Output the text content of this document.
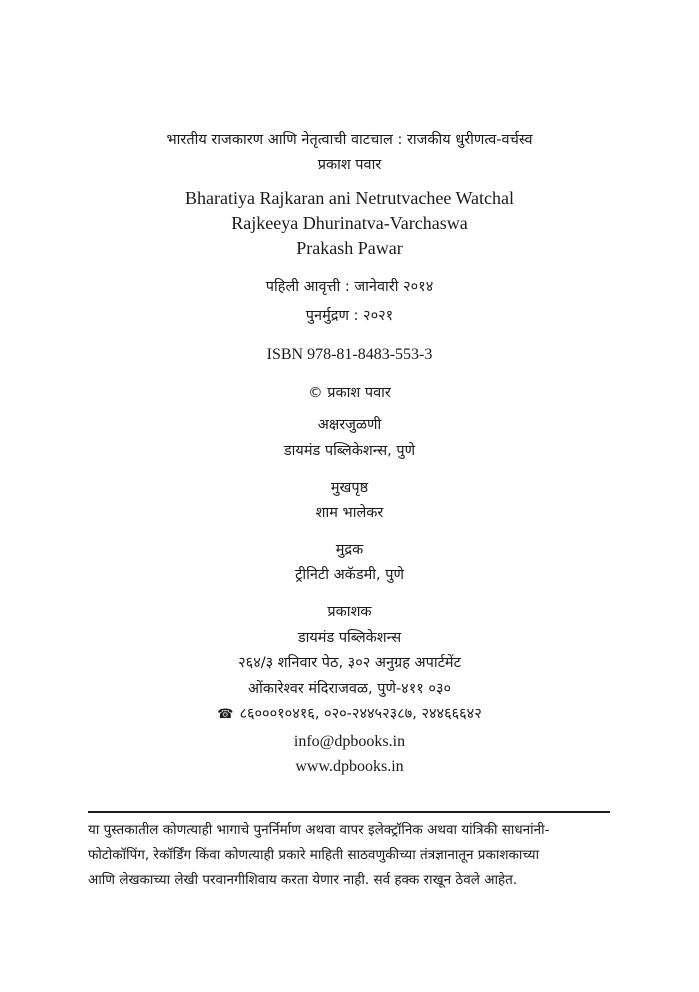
भारतीय राजकारण आणि नेतृत्वाची वाटचाल : राजकीय धुरीणत्व-वर्चस्व
प्रकाश पवार
Bharatiya Rajkaran ani Netrutvachee Watchal
Rajkeeya Dhurinatva-Varchaswa
Prakash Pawar
पहिली आवृत्ती : जानेवारी २०१४
पुनर्मुद्रण : २०२१
ISBN 978-81-8483-553-3
© प्रकाश पवार
अक्षरजुळणी
डायमंड पब्लिकेशन्स, पुणे
मुखपृष्ठ
शाम भालेकर
मुद्रक
ट्रीनिटी अकॅडमी, पुणे
प्रकाशक
डायमंड पब्लिकेशन्स
२६४/३ शनिवार पेठ, ३०२ अनुग्रह अपार्टमेंट
ओंकारेश्वर मंदिराजवळ, पुणे-४११ ०३०
☎ ८६०००१०४१६, ०२०-२४४५२३८७, २४४६६६४२
info@dpbooks.in
www.dpbooks.in
या पुस्तकातील कोणत्याही भागाचे पुनर्निर्माण अथवा वापर इलेक्ट्रॉनिक अथवा यांत्रिकी साधनांनी-
फोटोकॉपिंग, रेकॉर्डिंग किंवा कोणत्याही प्रकारे माहिती साठवणुकीच्या तंत्रज्ञानातून प्रकाशकाच्या
आणि लेखकाच्या लेखी परवानगीशिवाय करता येणार नाही. सर्व हक्क राखून ठेवले आहेत.
